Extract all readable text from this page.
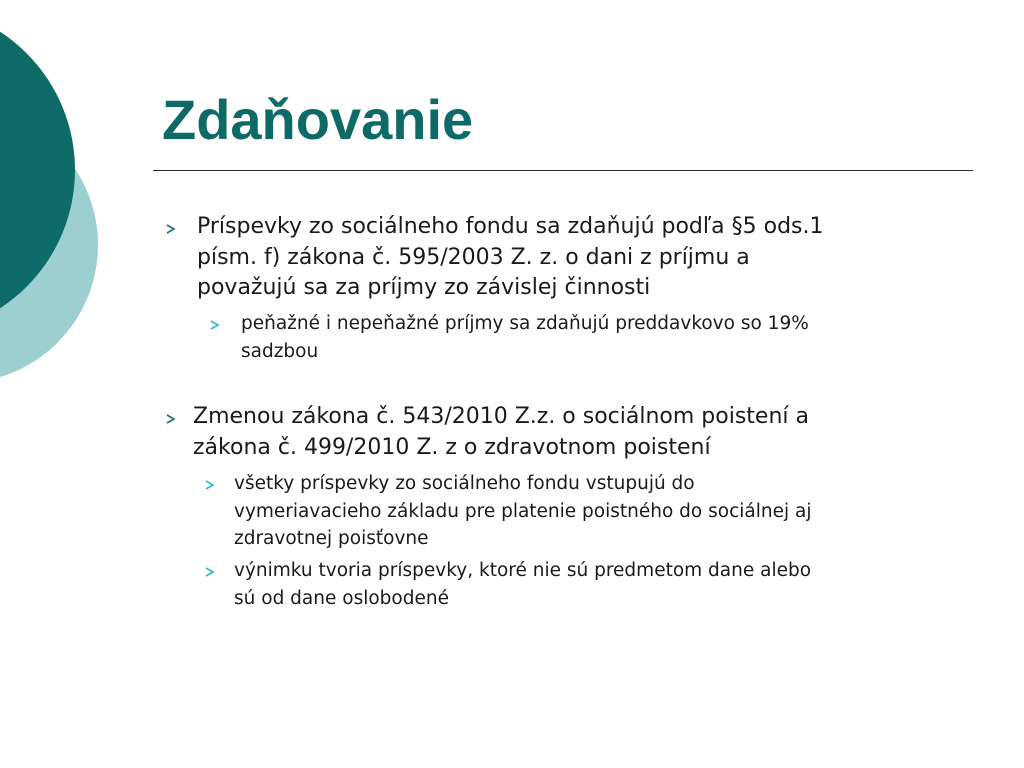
Zdaňovanie
Príspevky zo sociálneho fondu sa zdaňujú podľa §5 ods.1
písm. f) zákona č. 595/2003 Z. z. o dani z príjmu a
považujú sa za príjmy zo závislej činnosti
peňažné i nepeňažné príjmy sa zdaňujú preddavkovo so 19%
sadzbou
Zmenou zákona č. 543/2010 Z.z. o sociálnom poistení a
zákona č. 499/2010 Z. z o zdravotnom poistení
všetky príspevky zo sociálneho fondu vstupujú do
vymeriavacieho základu pre platenie poistného do sociálnej aj
zdravotnej poisťovne
výnimku tvoria príspevky, ktoré nie sú predmetom dane alebo
sú od dane oslobodené
